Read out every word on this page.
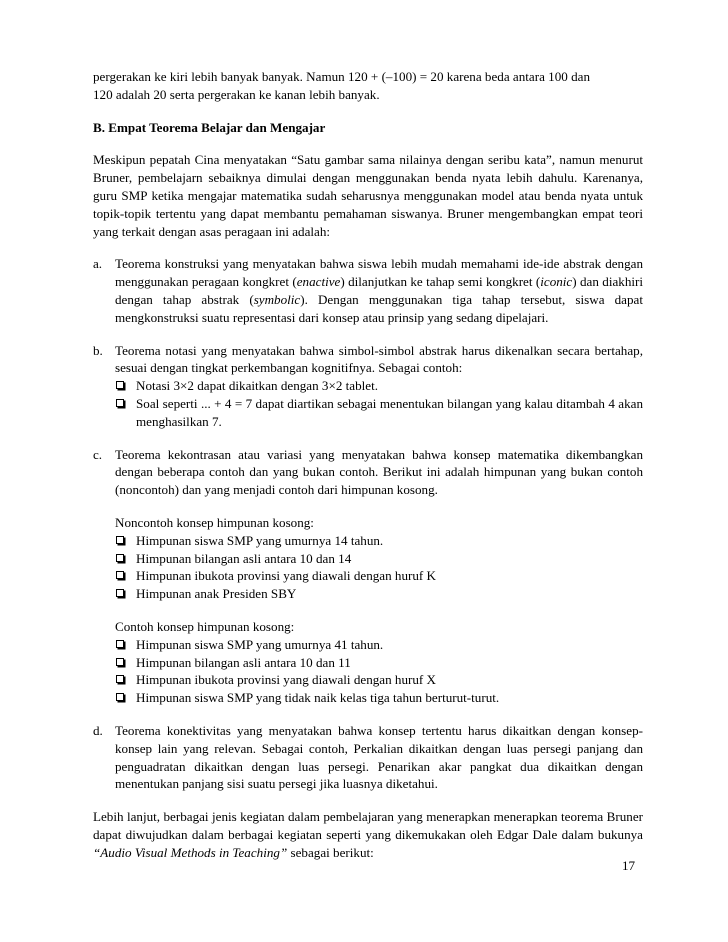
pergerakan ke kiri lebih banyak banyak. Namun 120 + (–100) = 20 karena beda antara 100 dan

120 adalah 20 serta pergerakan ke kanan lebih banyak.

B. Empat Teorema Belajar dan Mengajar

Meskipun pepatah Cina menyatakan “Satu gambar sama nilainya dengan seribu kata”, namun menurut Bruner, pembelajarn sebaiknya dimulai dengan menggunakan benda nyata lebih dahulu. Karenanya, guru SMP ketika mengajar matematika sudah seharusnya menggunakan model atau benda nyata untuk topik-topik tertentu yang dapat membantu pemahaman siswanya. Bruner mengembangkan empat teori yang terkait dengan asas peragaan ini adalah:

a. Teorema konstruksi yang menyatakan bahwa siswa lebih mudah memahami ide-ide abstrak dengan menggunakan peragaan kongkret (enactive) dilanjutkan ke tahap semi kongkret (iconic) dan diakhiri dengan tahap abstrak (symbolic). Dengan menggunakan tiga tahap tersebut, siswa dapat mengkonstruksi suatu representasi dari konsep atau prinsip yang sedang dipelajari.
b. Teorema notasi yang menyatakan bahwa simbol-simbol abstrak harus dikenalkan secara bertahap, sesuai dengan tingkat perkembangan kognitifnya. Sebagai contoh:
Notasi 3×2 dapat dikaitkan dengan 3×2 tablet.
Soal seperti ... + 4 = 7 dapat diartikan sebagai menentukan bilangan yang kalau ditambah 4 akan menghasilkan 7.
c. Teorema kekontrasan atau variasi yang menyatakan bahwa konsep matematika dikembangkan dengan beberapa contoh dan yang bukan contoh. Berikut ini adalah himpunan yang bukan contoh (noncontoh) dan yang menjadi contoh dari himpunan kosong.

Noncontoh konsep himpunan kosong:

Himpunan siswa SMP yang umurnya 14 tahun.
Himpunan bilangan asli antara 10 dan 14
Himpunan ibukota provinsi yang diawali dengan huruf K
Himpunan anak Presiden SBY

Contoh konsep himpunan kosong:

Himpunan siswa SMP yang umurnya 41 tahun.
Himpunan bilangan asli antara 10 dan 11
Himpunan ibukota provinsi yang diawali dengan huruf X
Himpunan siswa SMP yang tidak naik kelas tiga tahun berturut-turut.
d. Teorema konektivitas yang menyatakan bahwa konsep tertentu harus dikaitkan dengan konsep-konsep lain yang relevan. Sebagai contoh, Perkalian dikaitkan dengan luas persegi panjang dan penguadratan dikaitkan dengan luas persegi. Penarikan akar pangkat dua dikaitkan dengan menentukan panjang sisi suatu persegi jika luasnya diketahui.

Lebih lanjut, berbagai jenis kegiatan dalam pembelajaran yang menerapkan menerapkan teorema Bruner dapat diwujudkan dalam berbagai kegiatan seperti yang dikemukakan oleh Edgar Dale dalam bukunya “Audio Visual Methods in Teaching” sebagai berikut:

17
